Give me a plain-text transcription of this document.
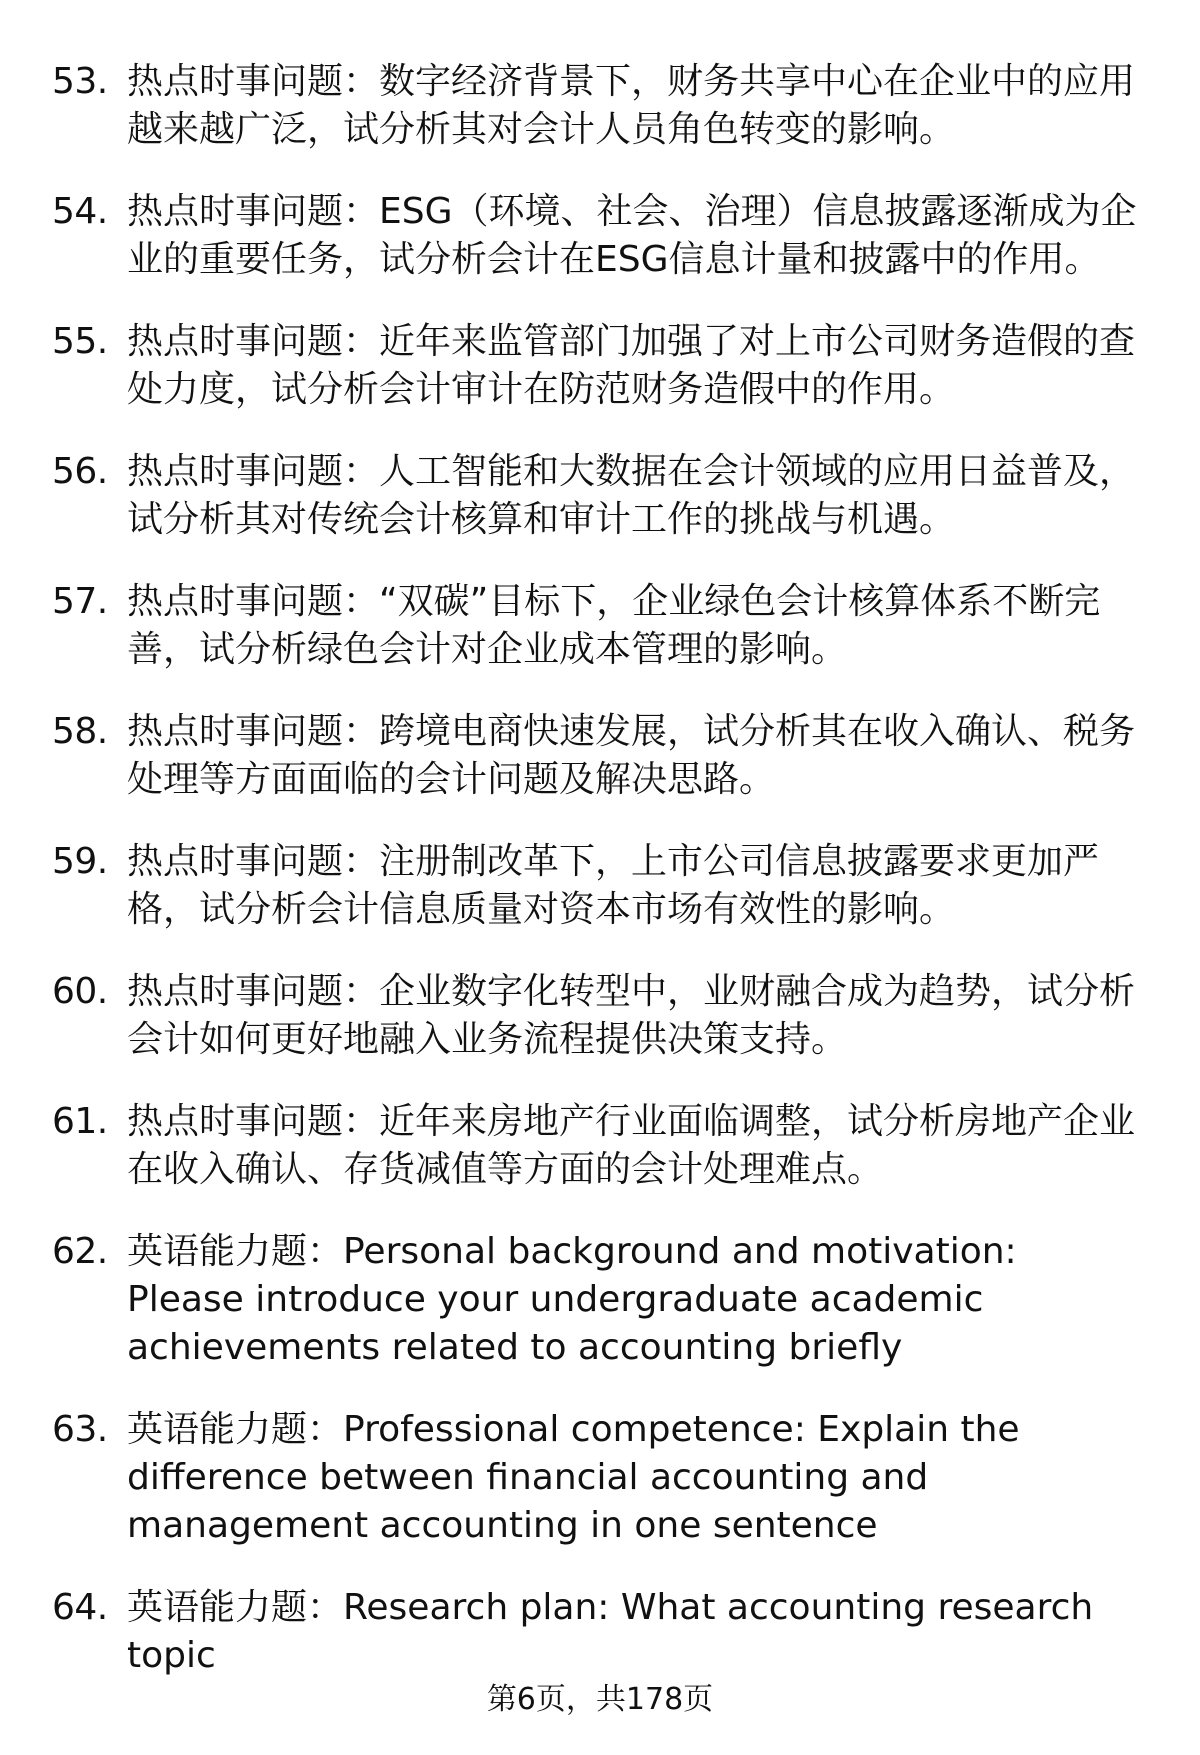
53. 热点时事问题：数字经济背景下，财务共享中心在企业中的应用越来越广泛，试分析其对会计人员角色转变的影响。
54. 热点时事问题：ESG（环境、社会、治理）信息披露逐渐成为企业的重要任务，试分析会计在ESG信息计量和披露中的作用。
55. 热点时事问题：近年来监管部门加强了对上市公司财务造假的查处力度，试分析会计审计在防范财务造假中的作用。
56. 热点时事问题：人工智能和大数据在会计领域的应用日益普及，试分析其对传统会计核算和审计工作的挑战与机遇。
57. 热点时事问题：“双碳”目标下，企业绿色会计核算体系不断完善，试分析绿色会计对企业成本管理的影响。
58. 热点时事问题：跨境电商快速发展，试分析其在收入确认、税务处理等方面面临的会计问题及解决思路。
59. 热点时事问题：注册制改革下，上市公司信息披露要求更加严格，试分析会计信息质量对资本市场有效性的影响。
60. 热点时事问题：企业数字化转型中，业财融合成为趋势，试分析会计如何更好地融入业务流程提供决策支持。
61. 热点时事问题：近年来房地产行业面临调整，试分析房地产企业在收入确认、存货减值等方面的会计处理难点。
62. 英语能力题：Personal background and motivation: Please introduce your undergraduate academic achievements related to accounting briefly
63. 英语能力题：Professional competence: Explain the difference between financial accounting and management accounting in one sentence
64. 英语能力题：Research plan: What accounting research topic
第6页，共178页
